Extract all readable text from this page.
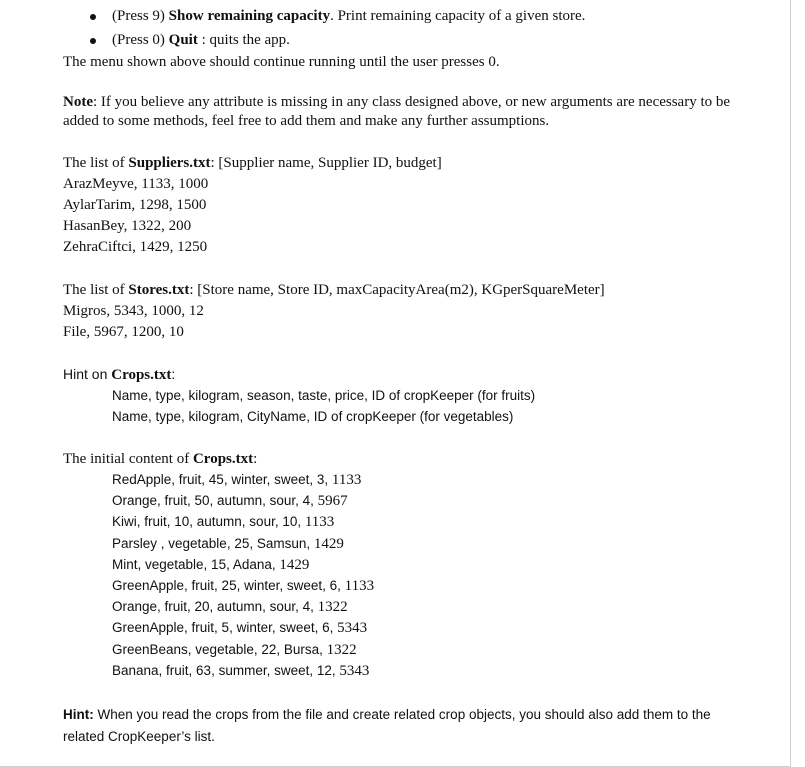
(Press 9) Show remaining capacity. Print remaining capacity of a given store.
(Press 0) Quit : quits the app.
The menu shown above should continue running until the user presses 0.
Note: If you believe any attribute is missing in any class designed above, or new arguments are necessary to be added to some methods, feel free to add them and make any further assumptions.
The list of Suppliers.txt: [Supplier name, Supplier ID, budget]
ArazMeyve, 1133, 1000
AylarTarim, 1298, 1500
HasanBey, 1322, 200
ZehraCiftci, 1429, 1250
The list of Stores.txt: [Store name, Store ID, maxCapacityArea(m2), KGperSquareMeter]
Migros, 5343, 1000, 12
File, 5967, 1200, 10
Hint on Crops.txt:
Name, type, kilogram, season, taste, price, ID of cropKeeper (for fruits)
Name, type, kilogram, CityName, ID of cropKeeper (for vegetables)
The initial content of Crops.txt:
RedApple, fruit, 45, winter, sweet, 3, 1133
Orange, fruit, 50, autumn, sour, 4, 5967
Kiwi, fruit, 10, autumn, sour, 10, 1133
Parsley , vegetable, 25, Samsun, 1429
Mint, vegetable, 15, Adana, 1429
GreenApple, fruit, 25, winter, sweet, 6, 1133
Orange, fruit, 20, autumn, sour, 4, 1322
GreenApple, fruit, 5, winter, sweet, 6, 5343
GreenBeans, vegetable, 22, Bursa, 1322
Banana, fruit, 63, summer, sweet, 12, 5343
Hint: When you read the crops from the file and create related crop objects, you should also add them to the
related CropKeeper’s list.
